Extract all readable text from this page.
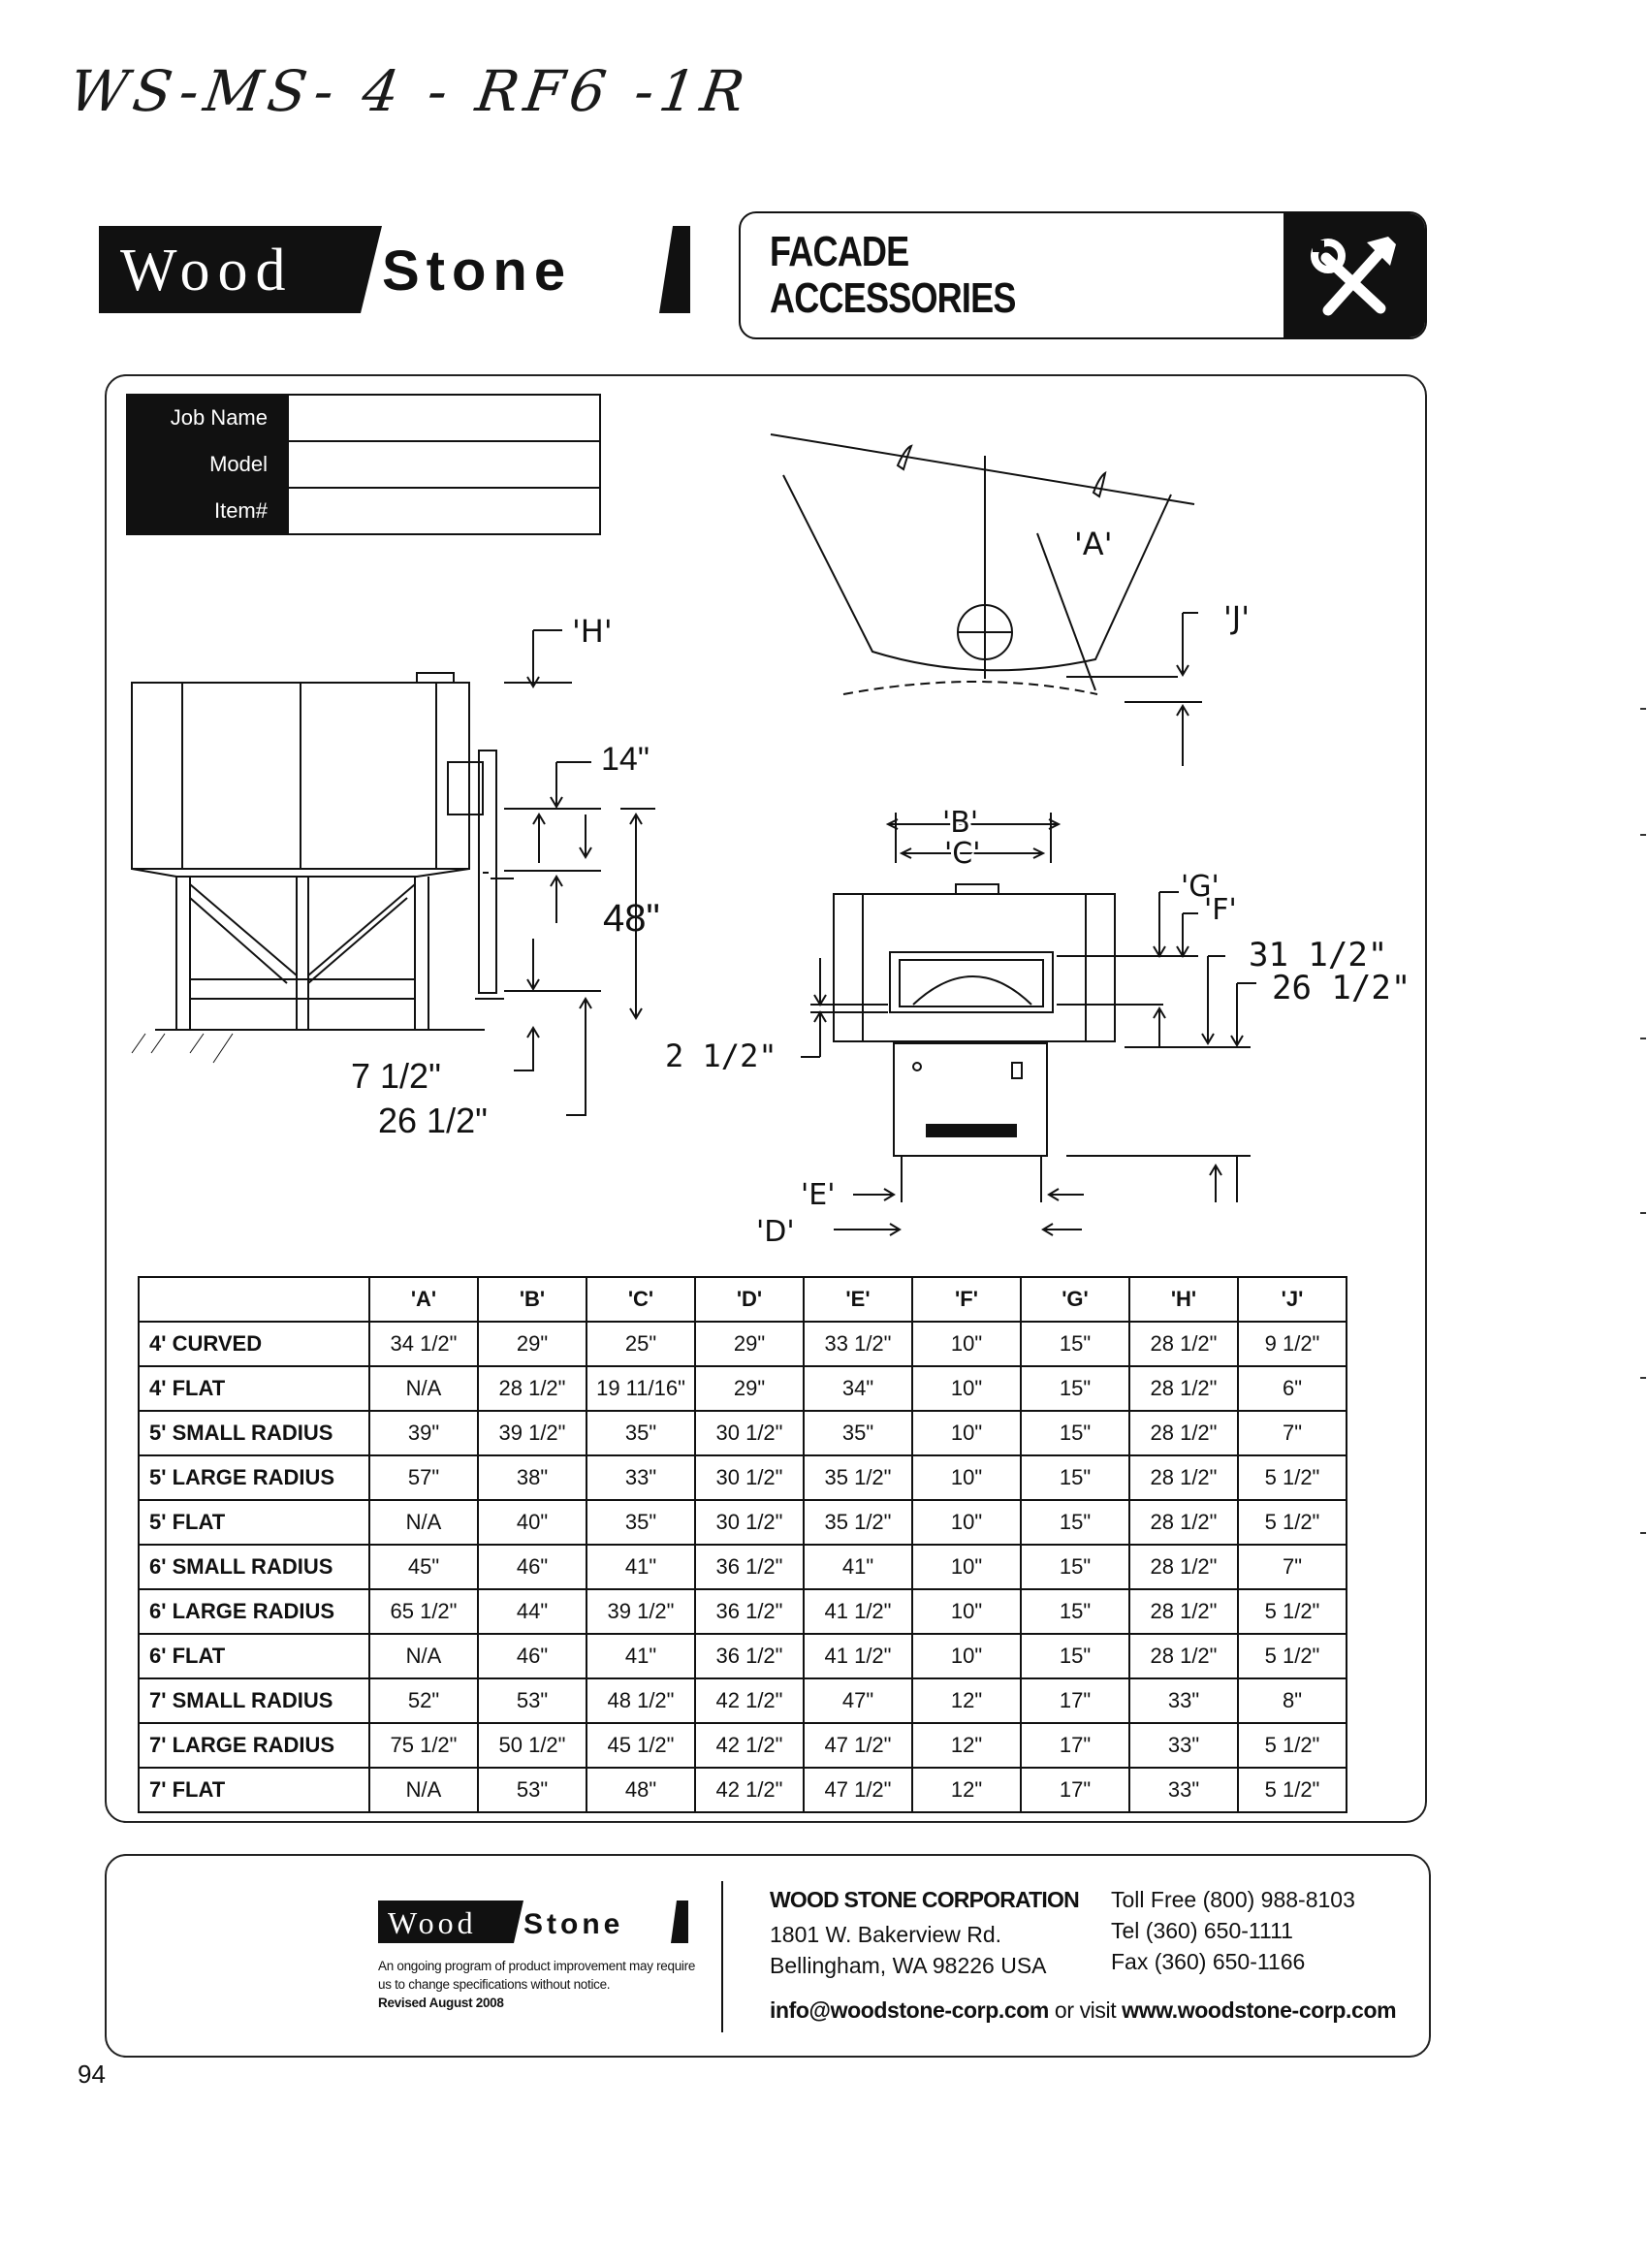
WS-MS- 4 - RF6 -1R
Wood Stone	FACADE
ACCESSORIES
Job Name	
Model	
Item#	
'A'
'J'
'H'
14"
48"
7 1/2"
26 1/2"
'B'
'C'
'G'
'F'
31 1/2"
26 1/2"
2 1/2"
'E'
'D'
	'A'	'B'	'C'	'D'	'E'	'F'	'G'	'H'	'J'
4' CURVED	34 1/2"	29"	25"	29"	33 1/2"	10"	15"	28 1/2"	9 1/2"
4' FLAT	N/A	28 1/2"	19 11/16"	29"	34"	10"	15"	28 1/2"	6"
5' SMALL RADIUS	39"	39 1/2"	35"	30 1/2"	35"	10"	15"	28 1/2"	7"
5' LARGE RADIUS	57"	38"	33"	30 1/2"	35 1/2"	10"	15"	28 1/2"	5 1/2"
5' FLAT	N/A	40"	35"	30 1/2"	35 1/2"	10"	15"	28 1/2"	5 1/2"
6' SMALL RADIUS	45"	46"	41"	36 1/2"	41"	10"	15"	28 1/2"	7"
6' LARGE RADIUS	65 1/2"	44"	39 1/2"	36 1/2"	41 1/2"	10"	15"	28 1/2"	5 1/2"
6' FLAT	N/A	46"	41"	36 1/2"	41 1/2"	10"	15"	28 1/2"	5 1/2"
7' SMALL RADIUS	52"	53"	48 1/2"	42 1/2"	47"	12"	17"	33"	8"
7' LARGE RADIUS	75 1/2"	50 1/2"	45 1/2"	42 1/2"	47 1/2"	12"	17"	33"	5 1/2"
7' FLAT	N/A	53"	48"	42 1/2"	47 1/2"	12"	17"	33"	5 1/2"
Wood Stone
An ongoing program of product improvement may require us to change specifications without notice.
Revised August 2008
WOOD STONE CORPORATION
1801 W. Bakerview Rd.
Bellingham, WA 98226 USA
Toll Free (800) 988-8103
Tel (360) 650-1111
Fax (360) 650-1166
info@woodstone-corp.com or visit www.woodstone-corp.com
94
